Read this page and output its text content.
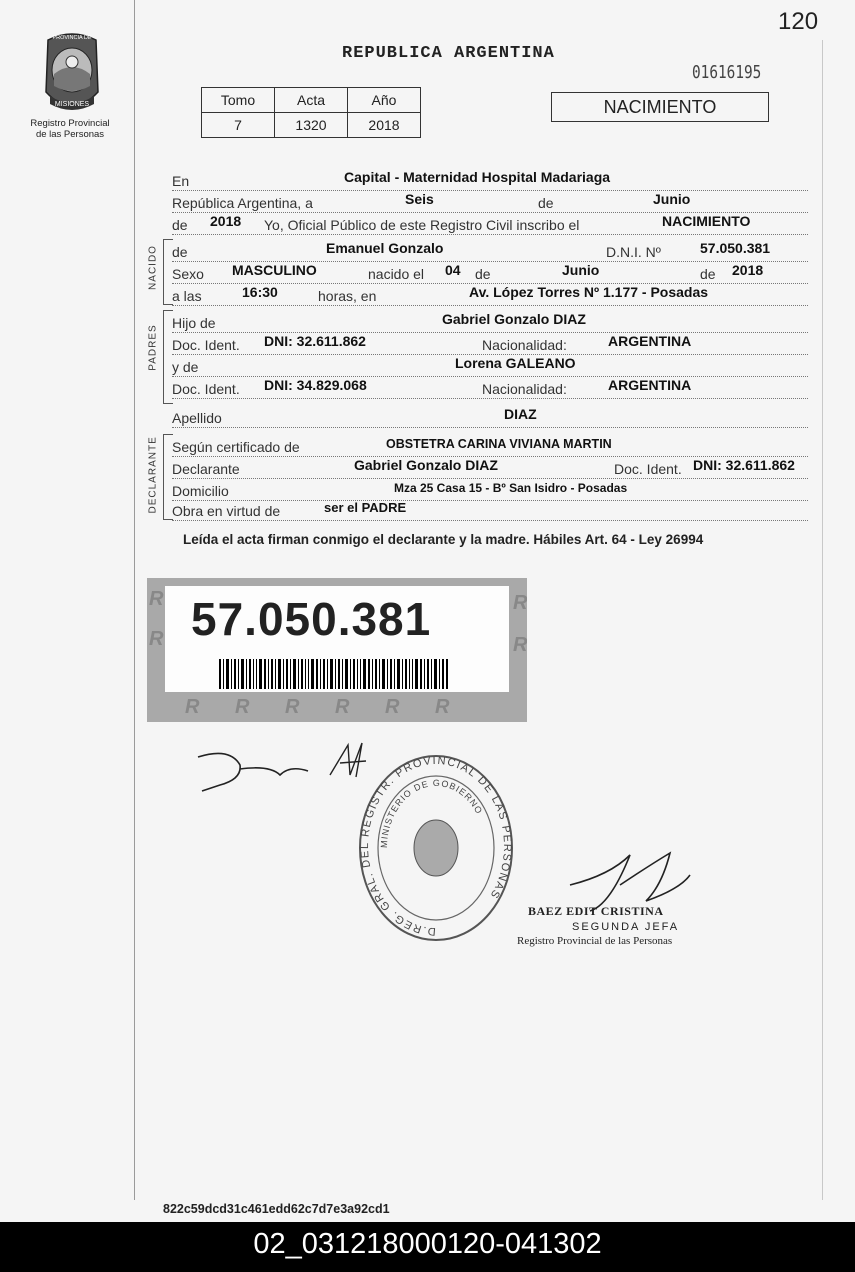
120
MISIONES
PROVINCIA DE
Registro Provincial
de las Personas
REPUBLICA ARGENTINA
01616195
Tomo	Acta	Año
7	1320	2018
NACIMIENTO
En	Capital - Maternidad Hospital Madariaga
República Argentina, a	Seis	de	Junio
de 2018 Yo, Oficial Público de este Registro Civil inscribo el	NACIMIENTO
NACIDO de	Emanuel Gonzalo	D.N.I. Nº	57.050.381
Sexo MASCULINO	nacido el 04 de	Junio	de 2018
a las	16:30	horas, en	Av. López Torres Nº 1.177 - Posadas
PADRES
Hijo de	Gabriel Gonzalo DIAZ
Doc. Ident. DNI: 32.611.862	Nacionalidad:	ARGENTINA
y de	Lorena GALEANO
Doc. Ident. DNI: 34.829.068	Nacionalidad:	ARGENTINA
Apellido	DIAZ
DECLARANTE Según certificado de	OBSTETRA CARINA VIVIANA MARTIN
Declarante	Gabriel Gonzalo DIAZ	Doc. Ident. DNI: 32.611.862
Domicilio	Mza 25 Casa 15 - Bº San Isidro - Posadas
Obra en virtud de	ser el PADRE
Leída el acta firman conmigo el declarante y la madre. Hábiles Art. 64 - Ley 26994
R
R
R
R
R R R R R R
57.050.381
D.REG. GRAL. DEL REGISTR. PROVINCIAL DE LAS PERSONAS
MINISTERIO DE GOBIERNO
BAEZ EDIT CRISTINA
SEGUNDA JEFA
Registro Provincial de las Personas
822c59dcd31c461edd62c7d7e3a92cd1
02_031218000120-041302
